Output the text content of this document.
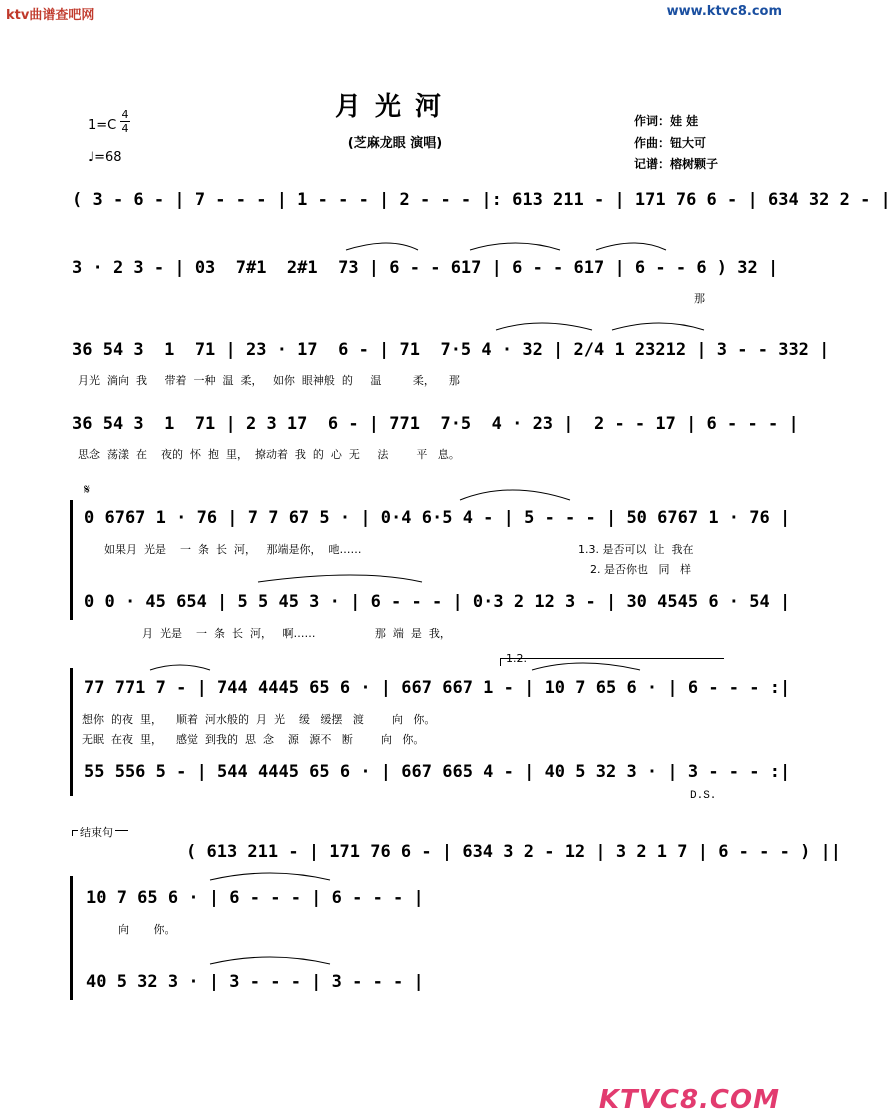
ktv曲谱查吧网	www.ktvc8.com
月光河
(芝麻龙眼 演唱)
作词：娃 娃
作曲：钮大可
记谱：榕树颗子
1=C
4
4
♩=68
( 3 - 6 - | 7 - - - | 1 - - - | 2 - - - |: 613 211 - | 171 76 6 - | 634 32 2 - |
3 · 2 3 - | 03  7#1  2#1  73 | 6 - - 617 | 6 - - 617 | 6 - - 6 ) 32 |
那
36 54 3  1  71 | 23 · 17  6 - | 71  7·5 4 · 32 | 2/4 1 23212 | 3 - - 332 |
月光  淌向  我     带着  一种  温  柔，   如你  眼神般  的     温         柔，    那
36 54 3  1  71 | 2 3 17  6 - | 771  7·5  4 · 23 |  2 - - 17 | 6 - - - |
思念  荡漾  在    夜的  怀  抱  里，  撩动着  我  的  心  无     法        平   息。
𝄋
0 6767 1 · 76 | 7 7 67 5 · | 0·4 6·5 4 - | 5 - - - | 50 6767 1 · 76 |
如果月  光是    一  条  长  河，   那端是你，  吔……	1.3. 是否可以  让  我在
2. 是否你也   同   样
0 0 · 45 654 | 5 5 45 3 · | 6 - - - | 0·3 2 12 3 - | 30 4545 6 · 54 |
月  光是    一  条  长  河，   啊……                 那  端  是  我，
1.2.
77 771 7 - | 744 4445 65 6 · | 667 667 1 - | 10 7 65 6 · | 6 - - - :|
想你  的夜  里，    顺着  河水般的  月  光    缓   缓摆   渡        向   你。
无眠  在夜  里，    感觉  到我的  思  念    源   源不   断        向   你。
55 556 5 - | 544 4445 65 6 · | 667 665 4 - | 40 5 32 3 · | 3 - - - :|
D.S.
结束句
( 613 211 - | 171 76 6 - | 634 3 2 - 12 | 3 2 1 7 | 6 - - - ) ||
10 7 65 6 · | 6 - - - | 6 - - - |
向       你。
40 5 32 3 · | 3 - - - | 3 - - - |
KTVC8.COM
